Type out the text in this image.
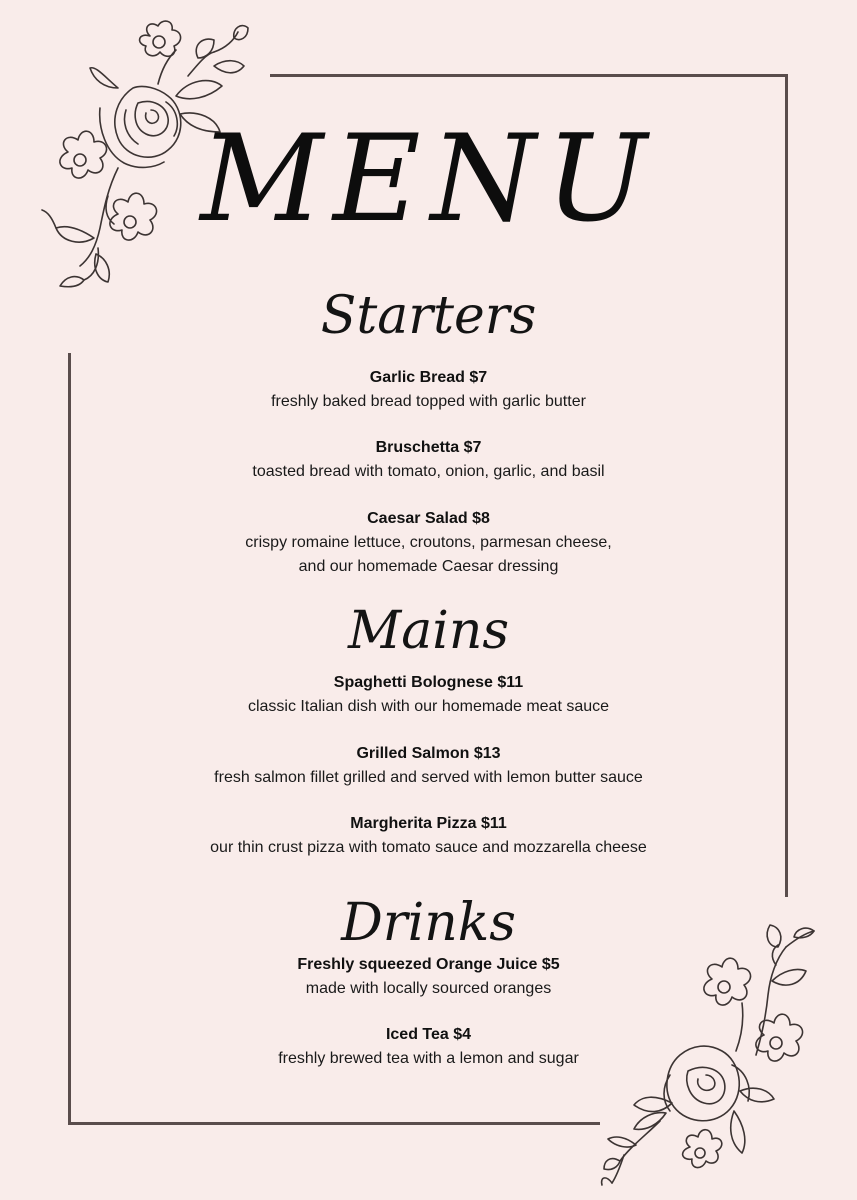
MENU
Starters
Garlic Bread $7
freshly baked bread topped with garlic butter
Bruschetta $7
toasted bread with tomato, onion, garlic, and basil
Caesar Salad $8
crispy romaine lettuce, croutons, parmesan cheese,
and our homemade Caesar dressing
Mains
Spaghetti Bolognese $11
classic Italian dish with our homemade meat sauce
Grilled Salmon $13
fresh salmon fillet grilled and served with lemon butter sauce
Margherita Pizza $11
our thin crust pizza with tomato sauce and mozzarella cheese
Drinks
Freshly squeezed Orange Juice $5
made with locally sourced oranges
Iced Tea $4
freshly brewed tea with a lemon and sugar
